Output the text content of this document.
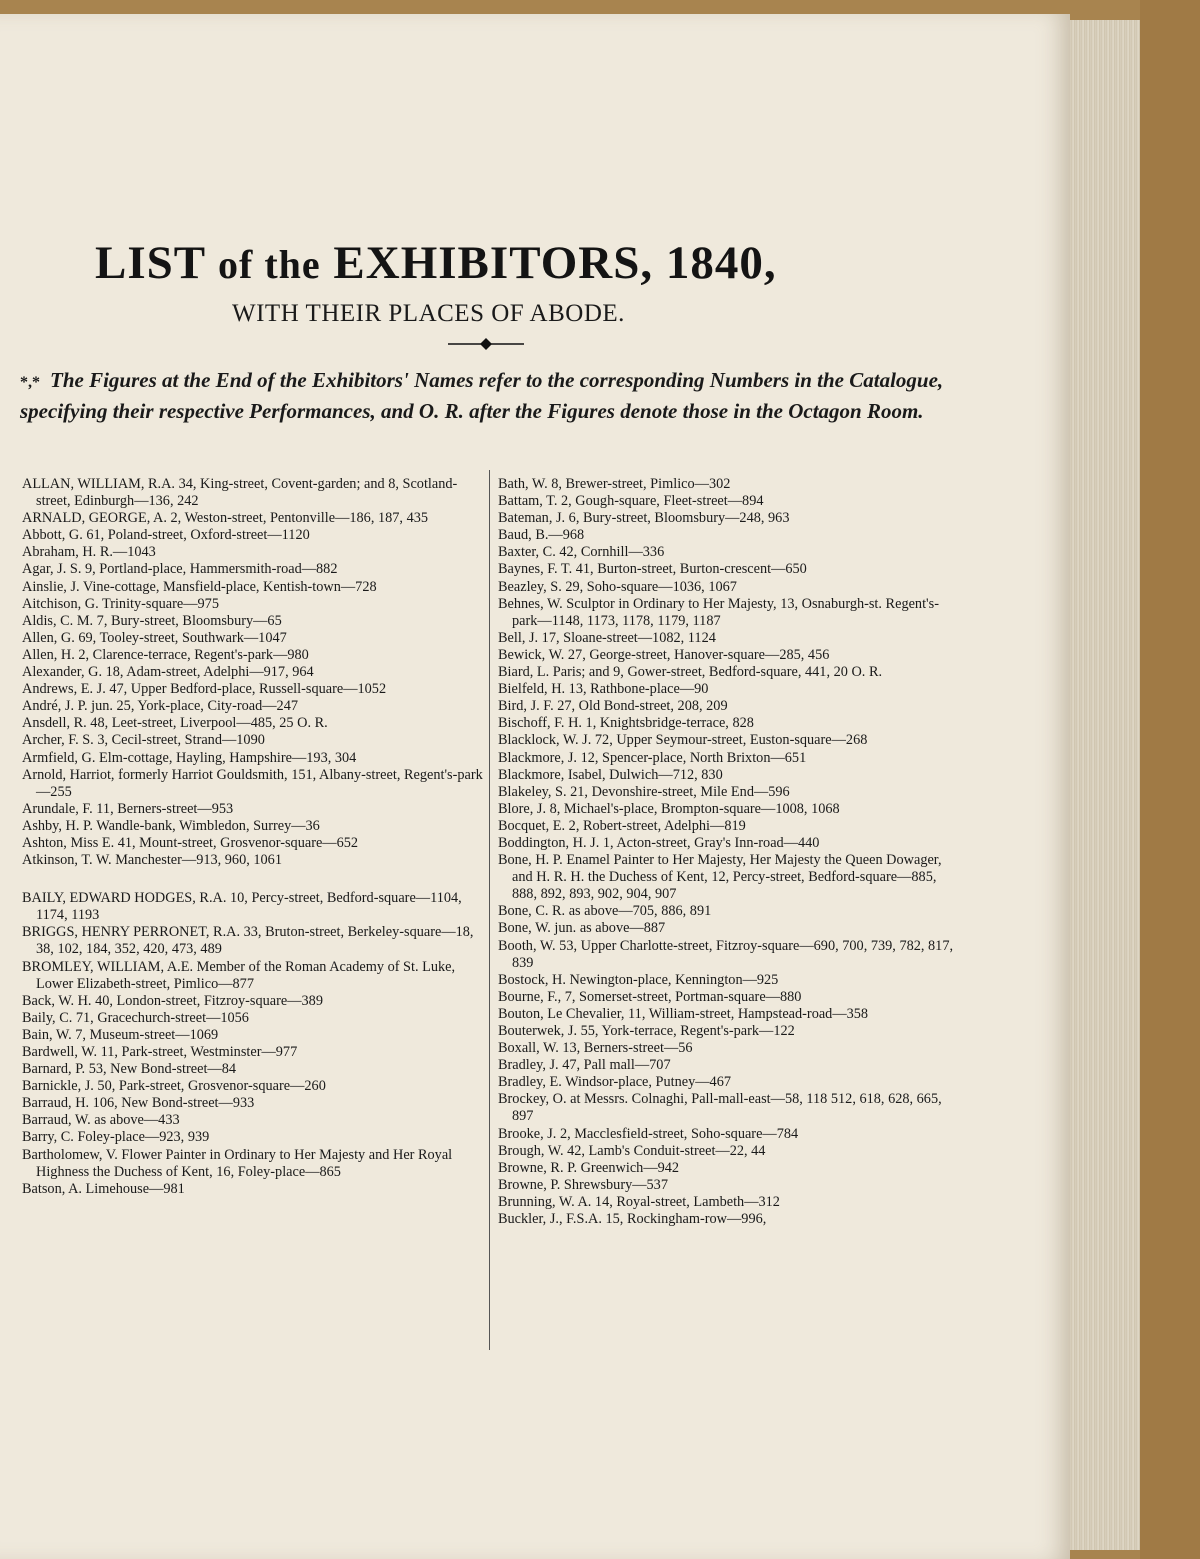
LIST of the EXHIBITORS, 1840,
WITH THEIR PLACES OF ABODE.
*,* The Figures at the End of the Exhibitors' Names refer to the corresponding Numbers in the Catalogue, specifying their respective Performances, and O. R. after the Figures denote those in the Octagon Room.
ALLAN, WILLIAM, R.A. 34, King-street, Covent-garden; and 8, Scotland-street, Edinburgh—136, 242
ARNALD, GEORGE, A. 2, Weston-street, Pentonville—186, 187, 435
Abbott, G. 61, Poland-street, Oxford-street—1120
Abraham, H. R.—1043
Agar, J. S. 9, Portland-place, Hammersmith-road—882
Ainslie, J. Vine-cottage, Mansfield-place, Kentish-town—728
Aitchison, G. Trinity-square—975
Aldis, C. M. 7, Bury-street, Bloomsbury—65
Allen, G. 69, Tooley-street, Southwark—1047
Allen, H. 2, Clarence-terrace, Regent's-park—980
Alexander, G. 18, Adam-street, Adelphi—917, 964
Andrews, E. J. 47, Upper Bedford-place, Russell-square—1052
André, J. P. jun. 25, York-place, City-road—247
Ansdell, R. 48, Leet-street, Liverpool—485, 25 O. R.
Archer, F. S. 3, Cecil-street, Strand—1090
Armfield, G. Elm-cottage, Hayling, Hampshire—193, 304
Arnold, Harriot, formerly Harriot Gouldsmith, 151, Albany-street, Regent's-park—255
Arundale, F. 11, Berners-street—953
Ashby, H. P. Wandle-bank, Wimbledon, Surrey—36
Ashton, Miss E. 41, Mount-street, Grosvenor-square—652
Atkinson, T. W. Manchester—913, 960, 1061
BAILY, EDWARD HODGES, R.A. 10, Percy-street, Bedford-square—1104, 1174, 1193
BRIGGS, HENRY PERRONET, R.A. 33, Bruton-street, Berkeley-square—18, 38, 102, 184, 352, 420, 473, 489
BROMLEY, WILLIAM, A.E. Member of the Roman Academy of St. Luke, Lower Elizabeth-street, Pimlico—877
Back, W. H. 40, London-street, Fitzroy-square—389
Baily, C. 71, Gracechurch-street—1056
Bain, W. 7, Museum-street—1069
Bardwell, W. 11, Park-street, Westminster—977
Barnard, P. 53, New Bond-street—84
Barnickle, J. 50, Park-street, Grosvenor-square—260
Barraud, H. 106, New Bond-street—933
Barraud, W. as above—433
Barry, C. Foley-place—923, 939
Bartholomew, V. Flower Painter in Ordinary to Her Majesty and Her Royal Highness the Duchess of Kent, 16, Foley-place—865
Batson, A. Limehouse—981
Bath, W. 8, Brewer-street, Pimlico—302
Battam, T. 2, Gough-square, Fleet-street—894
Bateman, J. 6, Bury-street, Bloomsbury—248, 963
Baud, B.—968
Baxter, C. 42, Cornhill—336
Baynes, F. T. 41, Burton-street, Burton-crescent—650
Beazley, S. 29, Soho-square—1036, 1067
Behnes, W. Sculptor in Ordinary to Her Majesty, 13, Osnaburgh-st. Regent's-park—1148, 1173, 1178, 1179, 1187
Bell, J. 17, Sloane-street—1082, 1124
Bewick, W. 27, George-street, Hanover-square—285, 456
Biard, L. Paris; and 9, Gower-street, Bedford-square, 441, 20 O. R.
Bielfeld, H. 13, Rathbone-place—90
Bird, J. F. 27, Old Bond-street, 208, 209
Bischoff, F. H. 1, Knightsbridge-terrace, 828
Blacklock, W. J. 72, Upper Seymour-street, Euston-square—268
Blackmore, J. 12, Spencer-place, North Brixton—651
Blackmore, Isabel, Dulwich—712, 830
Blakeley, S. 21, Devonshire-street, Mile End—596
Blore, J. 8, Michael's-place, Brompton-square—1008, 1068
Bocquet, E. 2, Robert-street, Adelphi—819
Boddington, H. J. 1, Acton-street, Gray's Inn-road—440
Bone, H. P. Enamel Painter to Her Majesty, Her Majesty the Queen Dowager, and H. R. H. the Duchess of Kent, 12, Percy-street, Bedford-square—885, 888, 892, 893, 902, 904, 907
Bone, C. R. as above—705, 886, 891
Bone, W. jun. as above—887
Booth, W. 53, Upper Charlotte-street, Fitzroy-square—690, 700, 739, 782, 817, 839
Bostock, H. Newington-place, Kennington—925
Bourne, F., 7, Somerset-street, Portman-square—880
Bouton, Le Chevalier, 11, William-street, Hampstead-road—358
Bouterwek, J. 55, York-terrace, Regent's-park—122
Boxall, W. 13, Berners-street—56
Bradley, J. 47, Pall mall—707
Bradley, E. Windsor-place, Putney—467
Brockey, O. at Messrs. Colnaghi, Pall-mall-east—58, 118 512, 618, 628, 665, 897
Brooke, J. 2, Macclesfield-street, Soho-square—784
Brough, W. 42, Lamb's Conduit-street—22, 44
Browne, R. P. Greenwich—942
Browne, P. Shrewsbury—537
Brunning, W. A. 14, Royal-street, Lambeth—312
Buckler, J., F.S.A. 15, Rockingham-row—996,
